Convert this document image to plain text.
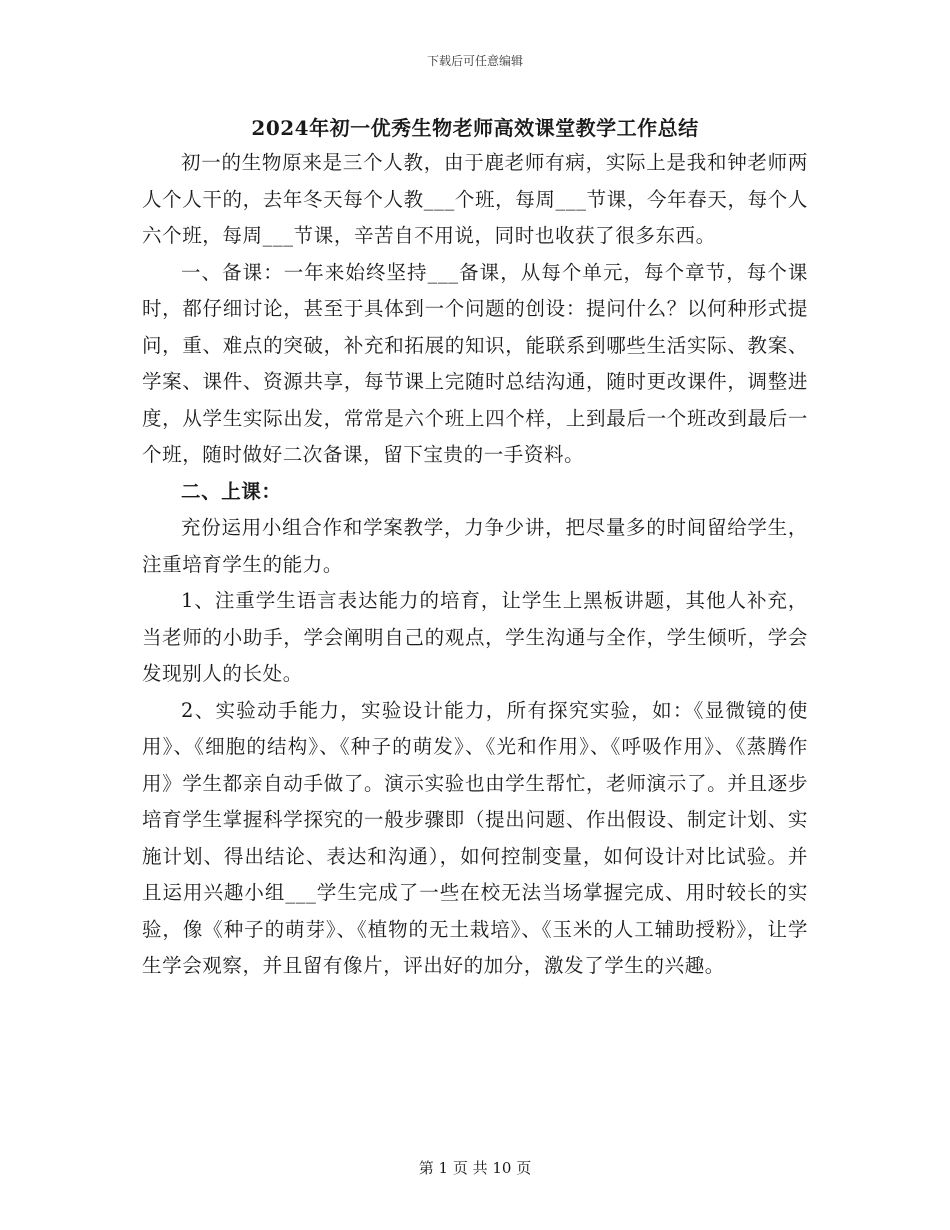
下载后可任意编辑
2024年初一优秀生物老师高效课堂教学工作总结

初一的生物原来是三个人教，由于鹿老师有病，实际上是我和钟老师两人个人干的，去年冬天每个人教___个班，每周___节课，今年春天，每个人六个班，每周___节课，辛苦自不用说，同时也收获了很多东西。

一、备课：一年来始终坚持___备课，从每个单元，每个章节，每个课时，都仔细讨论，甚至于具体到一个问题的创设：提问什么？以何种形式提问，重、难点的突破，补充和拓展的知识，能联系到哪些生活实际、教案、学案、课件、资源共享，每节课上完随时总结沟通，随时更改课件，调整进度，从学生实际出发，常常是六个班上四个样，上到最后一个班改到最后一个班，随时做好二次备课，留下宝贵的一手资料。

二、上课：

充份运用小组合作和学案教学，力争少讲，把尽量多的时间留给学生，注重培育学生的能力。

1、注重学生语言表达能力的培育，让学生上黑板讲题，其他人补充，当老师的小助手，学会阐明自己的观点，学生沟通与全作，学生倾听，学会发现别人的长处。

2、实验动手能力，实验设计能力，所有探究实验，如：《显微镜的使用》、《细胞的结构》、《种子的萌发》、《光和作用》、《呼吸作用》、《蒸腾作用》学生都亲自动手做了。演示实验也由学生帮忙，老师演示了。并且逐步培育学生掌握科学探究的一般步骤即（提出问题、作出假设、制定计划、实施计划、得出结论、表达和沟通），如何控制变量，如何设计对比试验。并且运用兴趣小组___学生完成了一些在校无法当场掌握完成、用时较长的实验，像《种子的萌芽》、《植物的无土栽培》、《玉米的人工辅助授粉》，让学生学会观察，并且留有像片，评出好的加分，激发了学生的兴趣。

第 1 页 共 10 页
